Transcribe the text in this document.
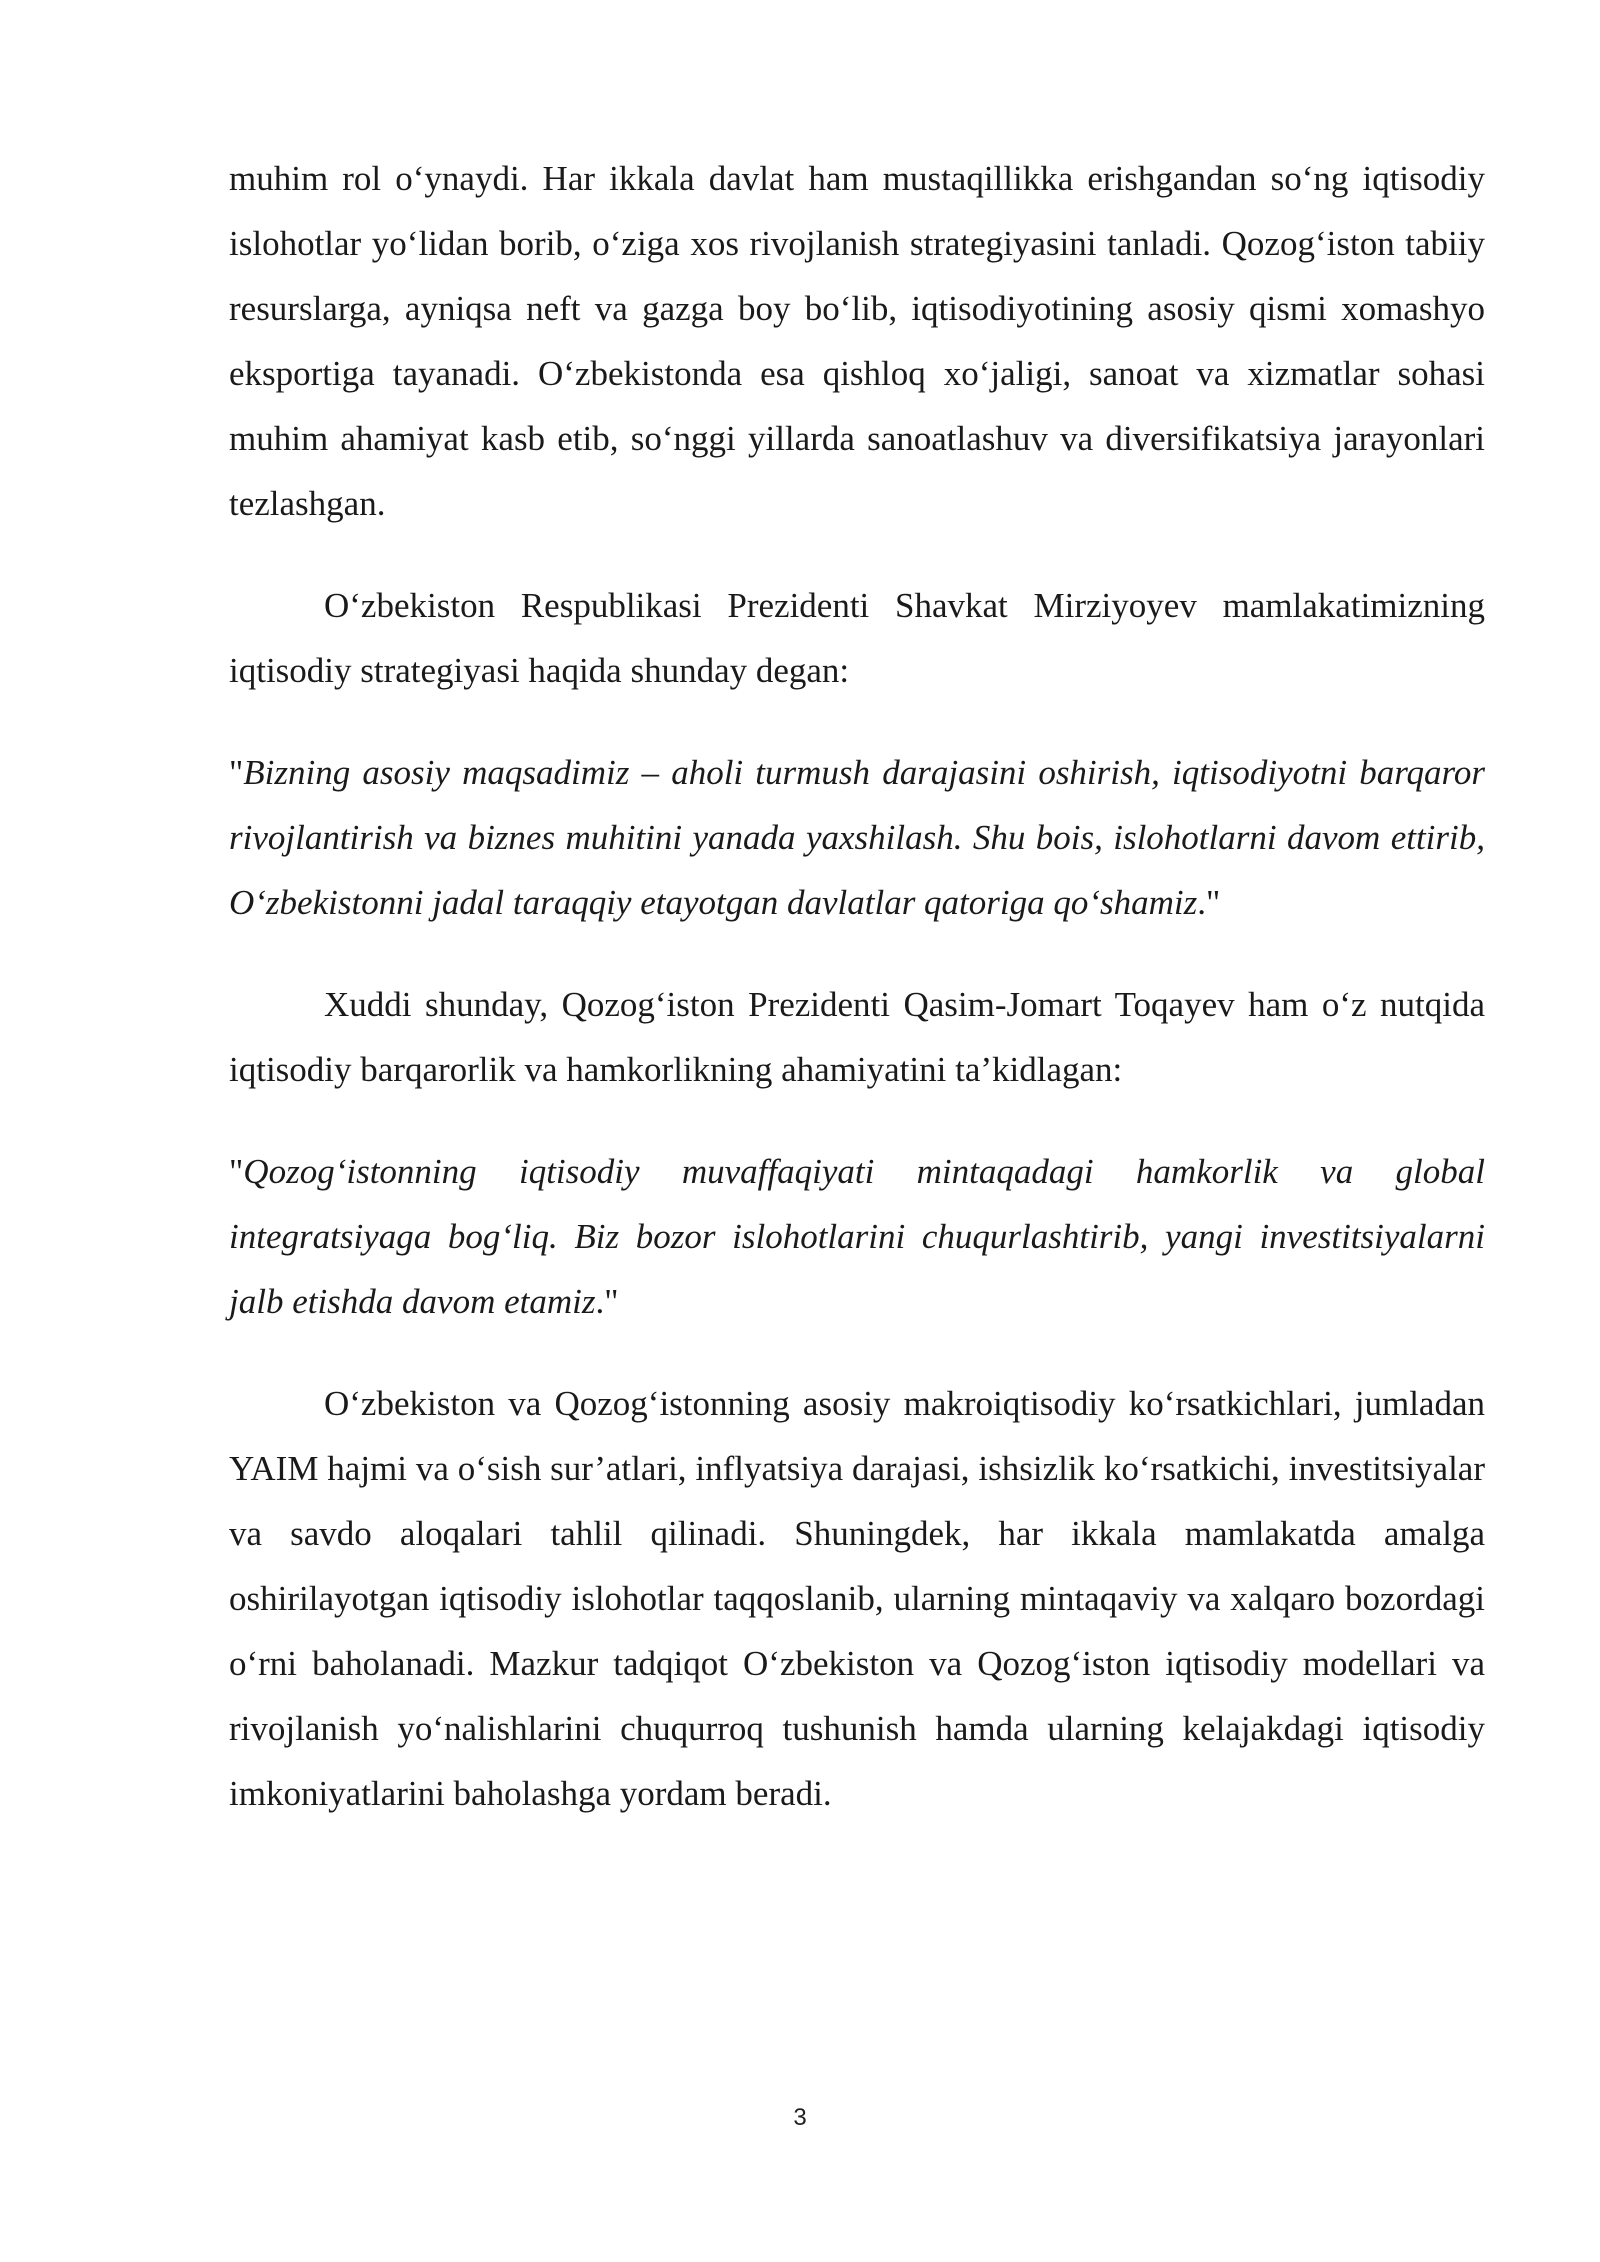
muhim rol o‘ynaydi. Har ikkala davlat ham mustaqillikka erishgandan so‘ng iqtisodiy islohotlar yo‘lidan borib, o‘ziga xos rivojlanish strategiyasini tanladi. Qozog‘iston tabiiy resurslarga, ayniqsa neft va gazga boy bo‘lib, iqtisodiyotining asosiy qismi xomashyo eksportiga tayanadi. O‘zbekistonda esa qishloq xo‘jaligi, sanoat va xizmatlar sohasi muhim ahamiyat kasb etib, so‘nggi yillarda sanoatlashuv va diversifikatsiya jarayonlari tezlashgan.

O‘zbekiston Respublikasi Prezidenti Shavkat Mirziyoyev mamlakatimizning iqtisodiy strategiyasi haqida shunday degan:

"Bizning asosiy maqsadimiz – aholi turmush darajasini oshirish, iqtisodiyotni barqaror rivojlantirish va biznes muhitini yanada yaxshilash. Shu bois, islohotlarni davom ettirib, O‘zbekistonni jadal taraqqiy etayotgan davlatlar qatoriga qo‘shamiz."

Xuddi shunday, Qozog‘iston Prezidenti Qasim-Jomart Toqayev ham o‘z nutqida iqtisodiy barqarorlik va hamkorlikning ahamiyatini ta’kidlagan:

"Qozog‘istonning iqtisodiy muvaffaqiyati mintaqadagi hamkorlik va global integratsiyaga bog‘liq. Biz bozor islohotlarini chuqurlashtirib, yangi investitsiyalarni jalb etishda davom etamiz."

O‘zbekiston va Qozog‘istonning asosiy makroiqtisodiy ko‘rsatkichlari, jumladan YAIM hajmi va o‘sish sur’atlari, inflyatsiya darajasi, ishsizlik ko‘rsatkichi, investitsiyalar va savdo aloqalari tahlil qilinadi. Shuningdek, har ikkala mamlakatda amalga oshirilayotgan iqtisodiy islohotlar taqqoslanib, ularning mintaqaviy va xalqaro bozordagi o‘rni baholanadi. Mazkur tadqiqot O‘zbekiston va Qozog‘iston iqtisodiy modellari va rivojlanish yo‘nalishlarini chuqurroq tushunish hamda ularning kelajakdagi iqtisodiy imkoniyatlarini baholashga yordam beradi.

3
